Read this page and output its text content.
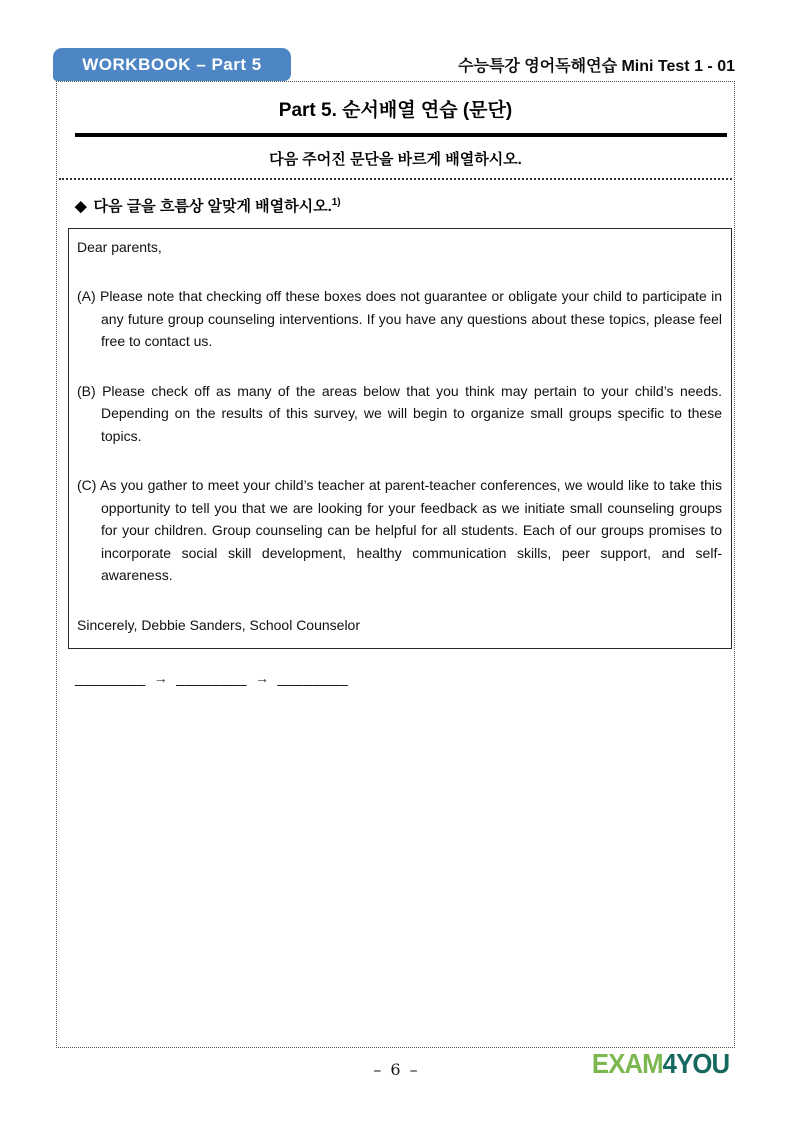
WORKBOOK – Part 5	수능특강 영어독해연습 Mini Test 1 - 01
Part 5. 순서배열 연습 (문단)
다음 주어진 문단을 바르게 배열하시오.
◆ 다음 글을 흐름상 알맞게 배열하시오.$^{1)}$

Dear parents,

(A) Please note that checking off these boxes does not guarantee or obligate your child to participate in any future group counseling interventions. If you have any questions about these topics, please feel free to contact us.

(B) Please check off as many of the areas below that you think may pertain to your child’s needs. Depending on the results of this survey, we will begin to organize small groups specific to these topics.

(C) As you gather to meet your child’s teacher at parent-teacher conferences, we would like to take this opportunity to tell you that we are looking for your feedback as we initiate small counseling groups for your children. Group counseling can be helpful for all students. Each of our groups promises to incorporate social skill development, healthy communication skills, peer support, and self-awareness.

Sincerely, Debbie Sanders, School Counselor

________ → ________ → ________
– 6 –	EXAM4YOU
